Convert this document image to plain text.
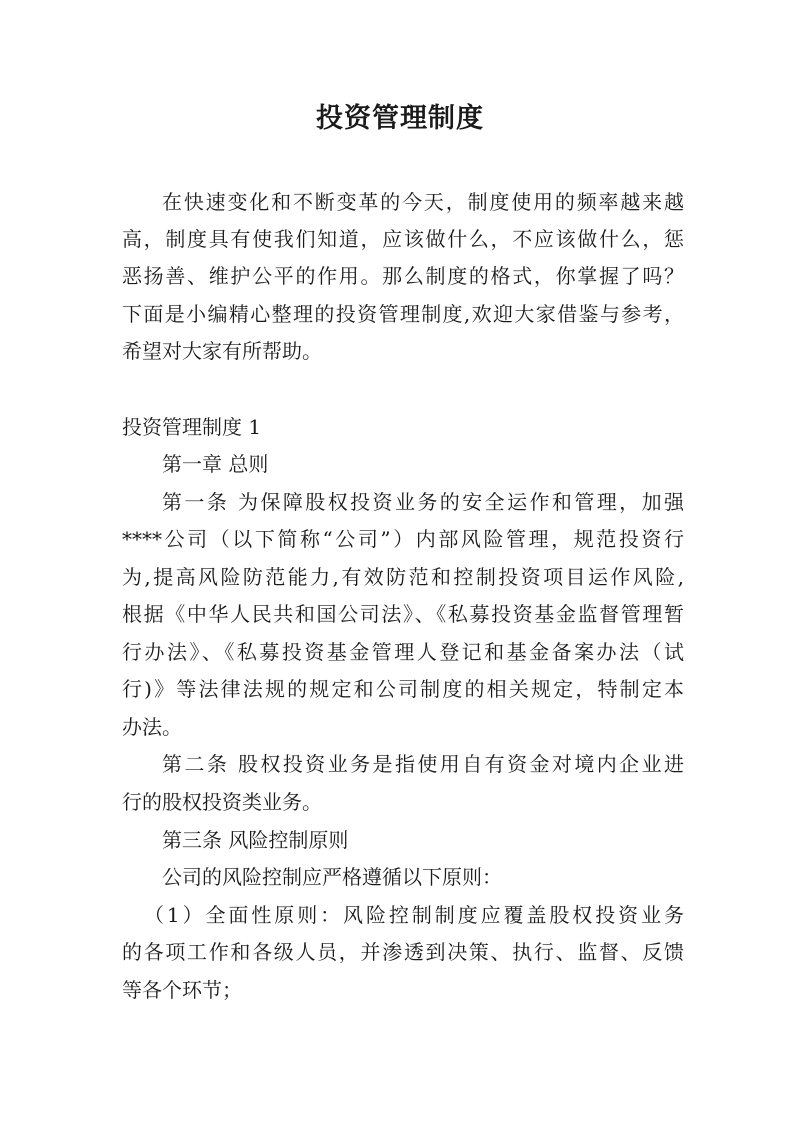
投资管理制度
在快速变化和不断变革的今天，制度使用的频率越来越
高，制度具有使我们知道，应该做什么，不应该做什么，惩
恶扬善、维护公平的作用。那么制度的格式，你掌握了吗？
下面是小编精心整理的投资管理制度,欢迎大家借鉴与参考，
希望对大家有所帮助。
投资管理制度 1
第一章 总则
第一条 为保障股权投资业务的安全运作和管理，加强
****公司（以下简称“公司”）内部风险管理，规范投资行
为,提高风险防范能力,有效防范和控制投资项目运作风险,
根据《中华人民共和国公司法》、《私募投资基金监督管理暂
行办法》、《私募投资基金管理人登记和基金备案办法（试
行)》等法律法规的规定和公司制度的相关规定，特制定本
办法。
第二条 股权投资业务是指使用自有资金对境内企业进
行的股权投资类业务。
第三条 风险控制原则
公司的风险控制应严格遵循以下原则：
（1）全面性原则：风险控制制度应覆盖股权投资业务
的各项工作和各级人员，并渗透到决策、执行、监督、反馈
等各个环节；
